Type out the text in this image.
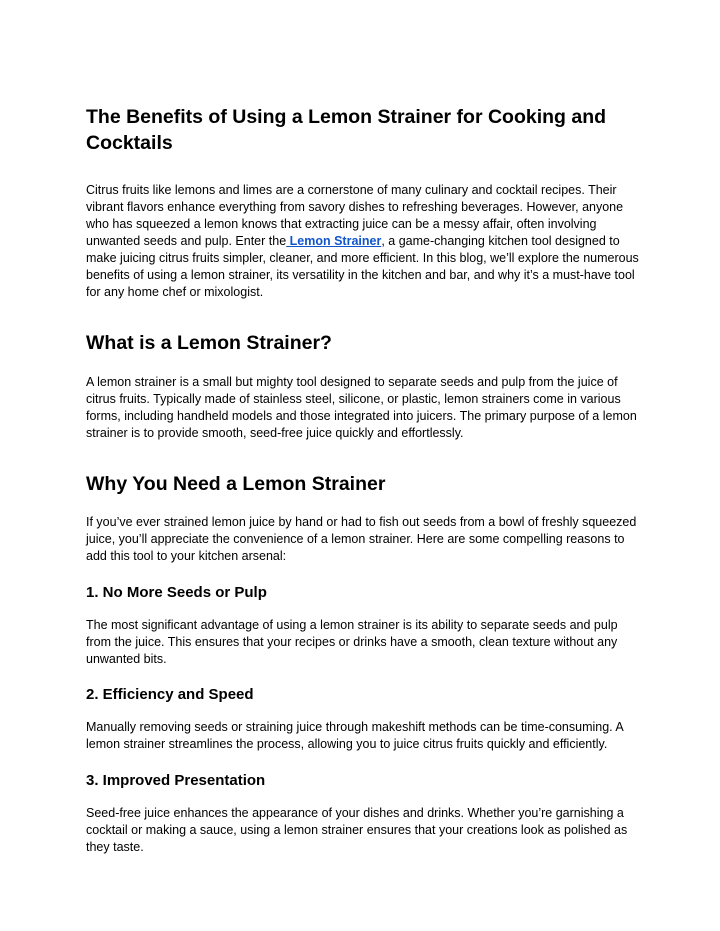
The Benefits of Using a Lemon Strainer for Cooking and Cocktails

Citrus fruits like lemons and limes are a cornerstone of many culinary and cocktail recipes. Their vibrant flavors enhance everything from savory dishes to refreshing beverages. However, anyone who has squeezed a lemon knows that extracting juice can be a messy affair, often involving unwanted seeds and pulp. Enter the Lemon Strainer, a game-changing kitchen tool designed to make juicing citrus fruits simpler, cleaner, and more efficient. In this blog, we’ll explore the numerous benefits of using a lemon strainer, its versatility in the kitchen and bar, and why it’s a must-have tool for any home chef or mixologist.

What is a Lemon Strainer?

A lemon strainer is a small but mighty tool designed to separate seeds and pulp from the juice of citrus fruits. Typically made of stainless steel, silicone, or plastic, lemon strainers come in various forms, including handheld models and those integrated into juicers. The primary purpose of a lemon strainer is to provide smooth, seed-free juice quickly and effortlessly.

Why You Need a Lemon Strainer

If you’ve ever strained lemon juice by hand or had to fish out seeds from a bowl of freshly squeezed juice, you’ll appreciate the convenience of a lemon strainer. Here are some compelling reasons to add this tool to your kitchen arsenal:

1. No More Seeds or Pulp

The most significant advantage of using a lemon strainer is its ability to separate seeds and pulp from the juice. This ensures that your recipes or drinks have a smooth, clean texture without any unwanted bits.

2. Efficiency and Speed

Manually removing seeds or straining juice through makeshift methods can be time-consuming. A lemon strainer streamlines the process, allowing you to juice citrus fruits quickly and efficiently.

3. Improved Presentation

Seed-free juice enhances the appearance of your dishes and drinks. Whether you’re garnishing a cocktail or making a sauce, using a lemon strainer ensures that your creations look as polished as they taste.
